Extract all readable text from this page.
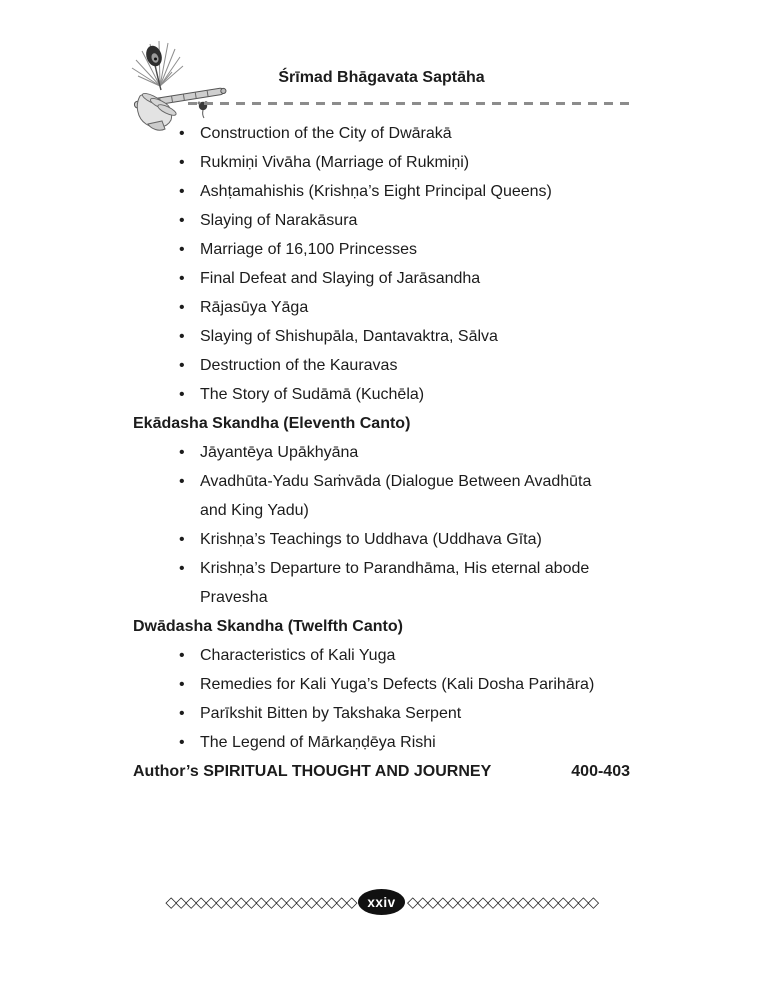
Śrīmad Bhāgavata Saptāha
• Construction of the City of Dwārakā
• Rukmiṇi Vivāha (Marriage of Rukmiṇi)
• Ashṭamahishis (Krishṇa’s Eight Principal Queens)
• Slaying of Narakāsura
• Marriage of 16,100 Princesses
• Final Defeat and Slaying of Jarāsandha
• Rājasūya Yāga
• Slaying of Shishupāla, Dantavaktra, Sālva
• Destruction of the Kauravas
• The Story of Sudāmā (Kuchēla)
Ekādasha Skandha (Eleventh Canto)
• Jāyantēya Upākhyāna
• Avadhūta-Yadu Saṁvāda (Dialogue Between Avadhūta
and King Yadu)
• Krishṇa’s Teachings to Uddhava (Uddhava Gīta)
• Krishṇa’s Departure to Parandhāma, His eternal abode
Pravesha
Dwādasha Skandha (Twelfth Canto)
• Characteristics of Kali Yuga
• Remedies for Kali Yuga’s Defects (Kali Dosha Parihāra)
• Parīkshit Bitten by Takshaka Serpent
• The Legend of Mārkaṇḍēya Rishi
Author’s SPIRITUAL THOUGHT AND JOURNEY	400-403
◇◇◇◇◇◇◇◇◇◇◇◇◇◇◇◇◇◇◇ xxiv ◇◇◇◇◇◇◇◇◇◇◇◇◇◇◇◇◇◇◇
